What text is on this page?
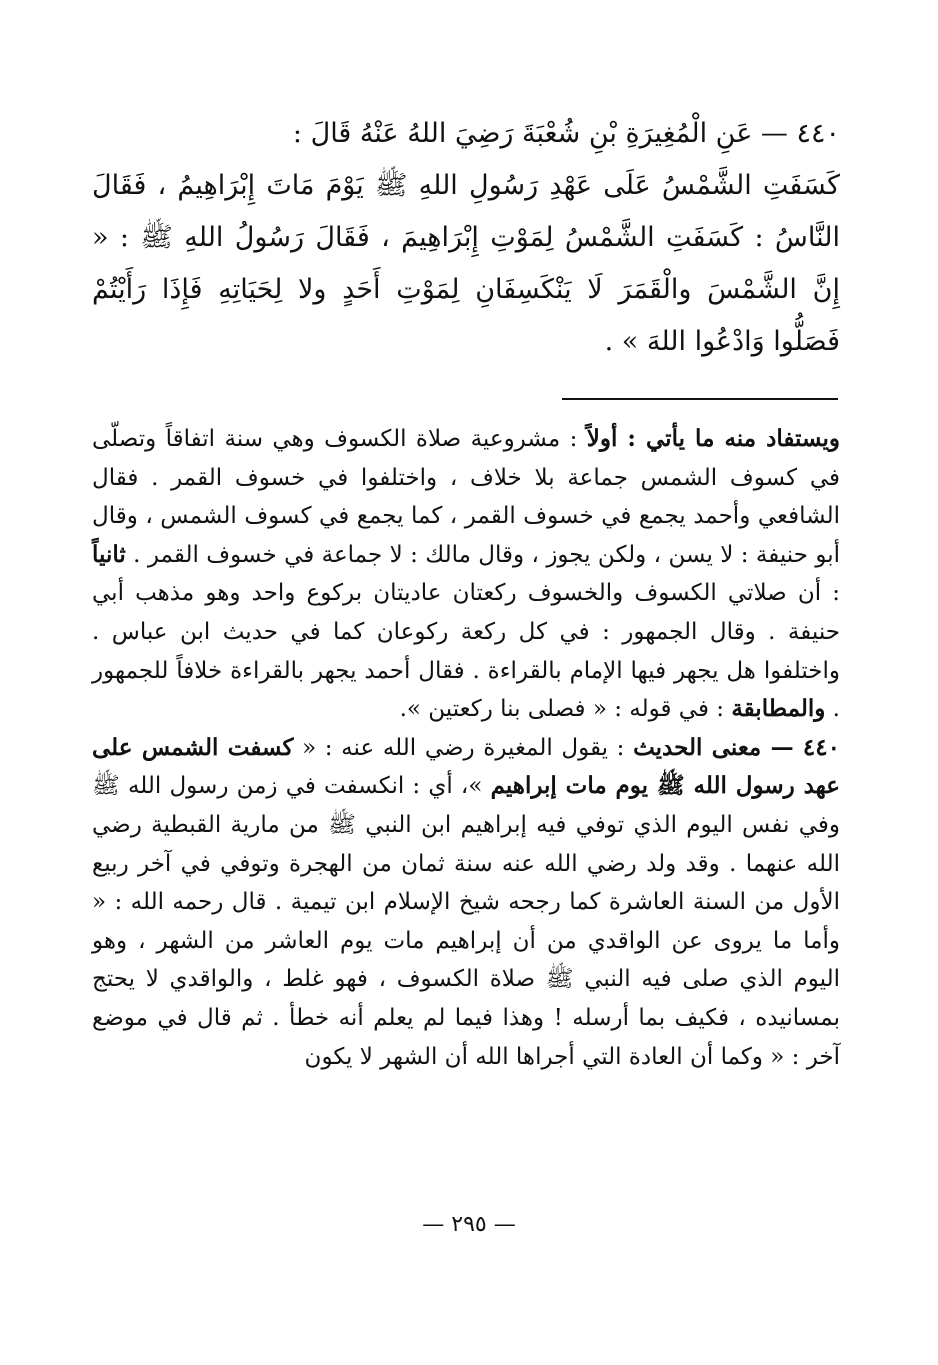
٤٤٠ — عَنِ الْمُغِيرَةِ بْنِ شُعْبَةَ رَضِيَ اللهُ عَنْهُ قَالَ :

كَسَفَتِ الشَّمْسُ عَلَى عَهْدِ رَسُولِ اللهِ ﷺ يَوْمَ مَاتَ إِبْرَاهِيمُ ، فَقَالَ النَّاسُ : كَسَفَتِ الشَّمْسُ لِمَوْتِ إِبْرَاهِيمَ ، فَقَالَ رَسُولُ اللهِ ﷺ : « إِنَّ الشَّمْسَ والْقَمَرَ لَا يَنْكَسِفَانِ لِمَوْتِ أَحَدٍ ولا لِحَيَاتِهِ فَإِذَا رَأَيْتُمْ فَصَلُّوا وَادْعُوا اللهَ » .

ويستفاد منه ما يأتي : أولاً : مشروعية صلاة الكسوف وهي سنة اتفاقاً وتصلّى في كسوف الشمس جماعة بلا خلاف ، واختلفوا في خسوف القمر . فقال الشافعي وأحمد يجمع في خسوف القمر ، كما يجمع في كسوف الشمس ، وقال أبو حنيفة : لا يسن ، ولكن يجوز ، وقال مالك : لا جماعة في خسوف القمر . ثانياً : أن صلاتي الكسوف والخسوف ركعتان عاديتان بركوع واحد وهو مذهب أبي حنيفة . وقال الجمهور : في كل ركعة ركوعان كما في حديث ابن عباس . واختلفوا هل يجهر فيها الإمام بالقراءة . فقال أحمد يجهر بالقراءة خلافاً للجمهور . والمطابقة : في قوله : « فصلى بنا ركعتين ».

٤٤٠ — معنى الحديث : يقول المغيرة رضي الله عنه : « كسفت الشمس على عهد رسول الله ﷺ يوم مات إبراهيم »، أي : انكسفت في زمن رسول الله ﷺ وفي نفس اليوم الذي توفي فيه إبراهيم ابن النبي ﷺ من مارية القبطية رضي الله عنهما . وقد ولد رضي الله عنه سنة ثمان من الهجرة وتوفي في آخر ربيع الأول من السنة العاشرة كما رجحه شيخ الإسلام ابن تيمية . قال رحمه الله : « وأما ما يروى عن الواقدي من أن إبراهيم مات يوم العاشر من الشهر ، وهو اليوم الذي صلى فيه النبي ﷺ صلاة الكسوف ، فهو غلط ، والواقدي لا يحتج بمسانيده ، فكيف بما أرسله ! وهذا فيما لم يعلم أنه خطأ . ثم قال في موضع آخر : « وكما أن العادة التي أجراها الله أن الشهر لا يكون

— ٢٩٥ —
